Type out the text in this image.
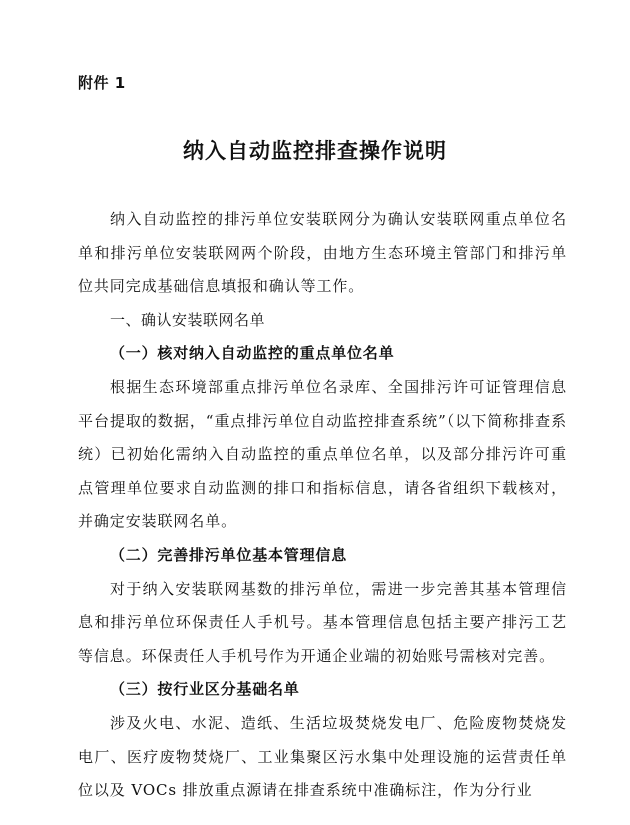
附件 1
纳入自动监控排查操作说明

纳入自动监控的排污单位安装联网分为确认安装联网重点单位名单和排污单位安装联网两个阶段，由地方生态环境主管部门和排污单位共同完成基础信息填报和确认等工作。

一、确认安装联网名单

（一）核对纳入自动监控的重点单位名单

根据生态环境部重点排污单位名录库、全国排污许可证管理信息平台提取的数据，“重点排污单位自动监控排查系统”（以下简称排查系统）已初始化需纳入自动监控的重点单位名单，以及部分排污许可重点管理单位要求自动监测的排口和指标信息，请各省组织下载核对，并确定安装联网名单。

（二）完善排污单位基本管理信息

对于纳入安装联网基数的排污单位，需进一步完善其基本管理信息和排污单位环保责任人手机号。基本管理信息包括主要产排污工艺等信息。环保责任人手机号作为开通企业端的初始账号需核对完善。

（三）按行业区分基础名单

涉及火电、水泥、造纸、生活垃圾焚烧发电厂、危险废物焚烧发电厂、医疗废物焚烧厂、工业集聚区污水集中处理设施的运营责任单位以及 VOCs 排放重点源请在排查系统中准确标注，作为分行业
